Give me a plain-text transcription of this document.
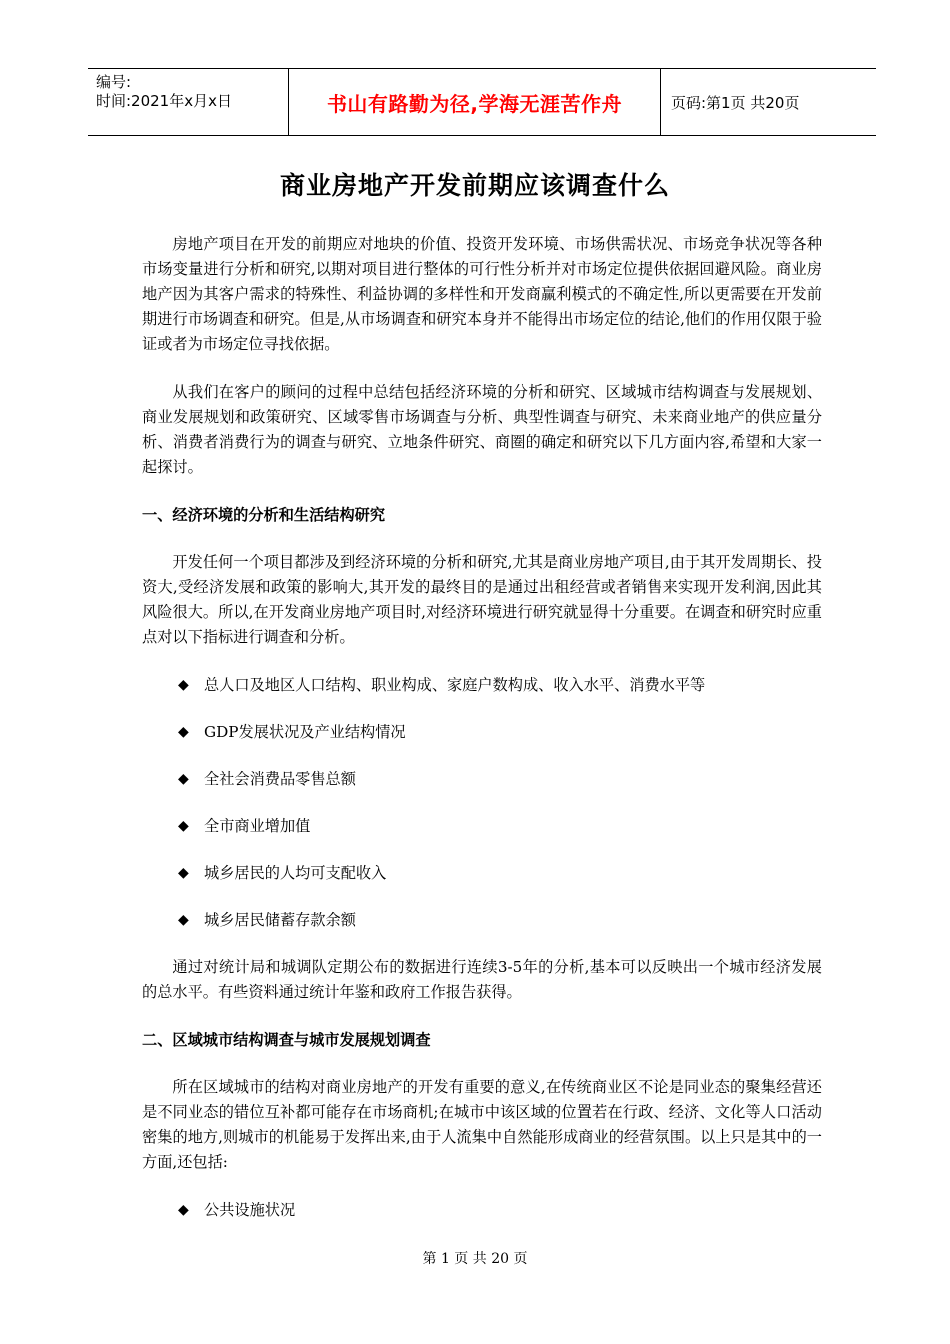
编号:
时间:2021年x月x日	书山有路勤为径,学海无涯苦作舟	页码:第1页 共20页
商业房地产开发前期应该调查什么

房地产项目在开发的前期应对地块的价值、投资开发环境、市场供需状况、市场竞争状况等各种市场变量进行分析和研究,以期对项目进行整体的可行性分析并对市场定位提供依据回避风险。商业房地产因为其客户需求的特殊性、利益协调的多样性和开发商赢利模式的不确定性,所以更需要在开发前期进行市场调查和研究。但是,从市场调查和研究本身并不能得出市场定位的结论,他们的作用仅限于验证或者为市场定位寻找依据。

从我们在客户的顾问的过程中总结包括经济环境的分析和研究、区域城市结构调查与发展规划、商业发展规划和政策研究、区域零售市场调查与分析、典型性调查与研究、未来商业地产的供应量分析、消费者消费行为的调查与研究、立地条件研究、商圈的确定和研究以下几方面内容,希望和大家一起探讨。

一、经济环境的分析和生活结构研究

开发任何一个项目都涉及到经济环境的分析和研究,尤其是商业房地产项目,由于其开发周期长、投资大,受经济发展和政策的影响大,其开发的最终目的是通过出租经营或者销售来实现开发利润,因此其风险很大。所以,在开发商业房地产项目时,对经济环境进行研究就显得十分重要。在调查和研究时应重点对以下指标进行调查和分析。

◆	总人口及地区人口结构、职业构成、家庭户数构成、收入水平、消费水平等
◆	GDP发展状况及产业结构情况
◆	全社会消费品零售总额
◆	全市商业增加值
◆	城乡居民的人均可支配收入
◆	城乡居民储蓄存款余额

通过对统计局和城调队定期公布的数据进行连续3-5年的分析,基本可以反映出一个城市经济发展的总水平。有些资料通过统计年鉴和政府工作报告获得。

二、区域城市结构调查与城市发展规划调查

所在区域城市的结构对商业房地产的开发有重要的意义,在传统商业区不论是同业态的聚集经营还是不同业态的错位互补都可能存在市场商机;在城市中该区域的位置若在行政、经济、文化等人口活动密集的地方,则城市的机能易于发挥出来,由于人流集中自然能形成商业的经营氛围。以上只是其中的一方面,还包括:

◆	公共设施状况
第 1 页 共 20 页
